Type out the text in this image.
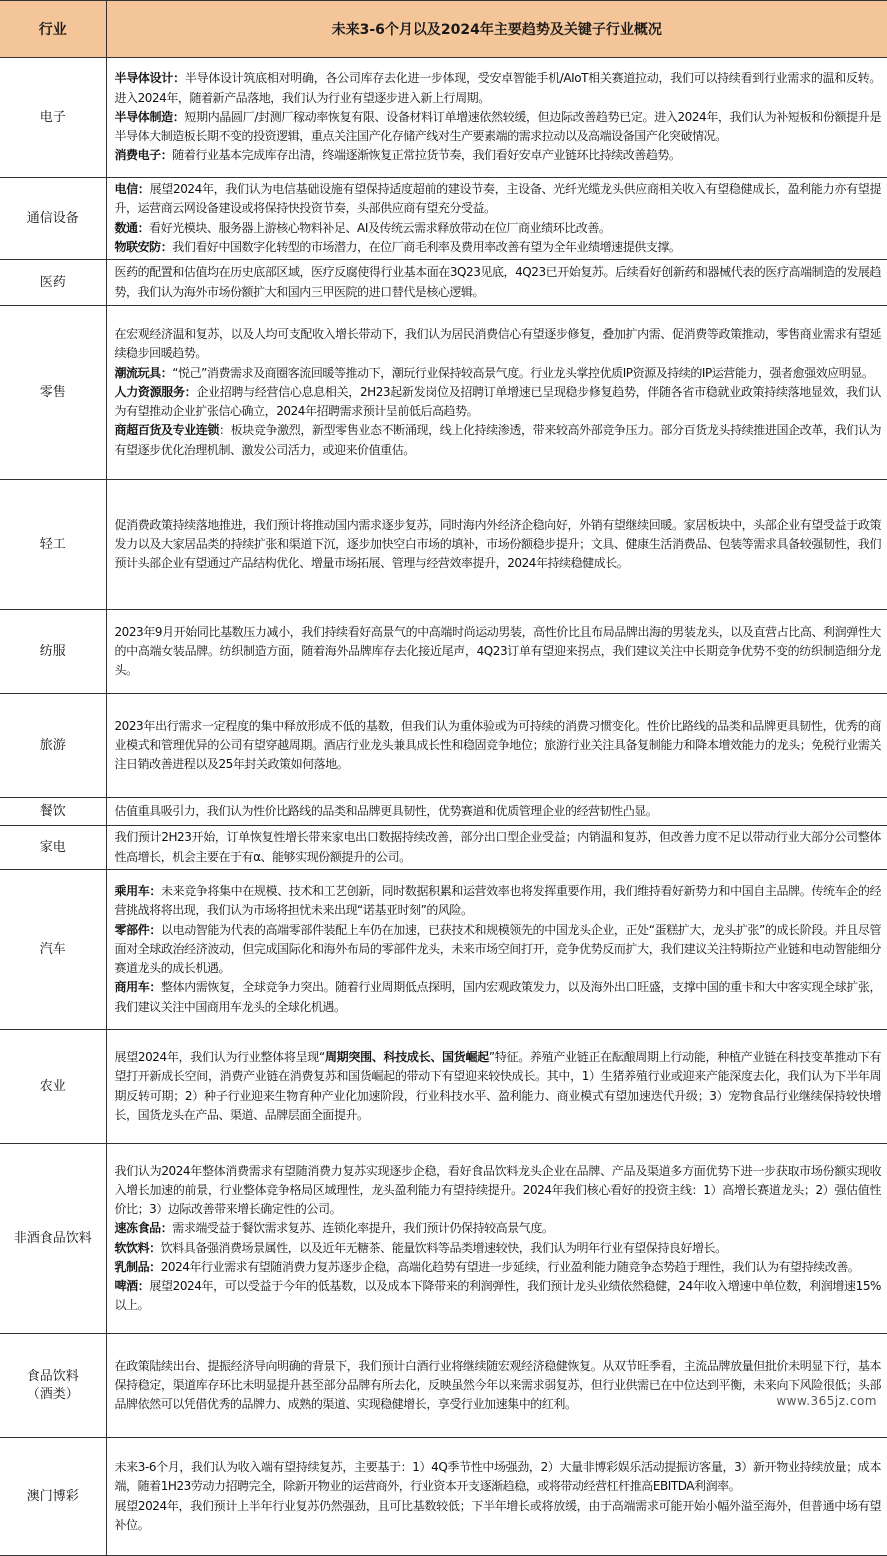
行业	未来3-6个月以及2024年主要趋势及关键子行业概况

电子	半导体设计：半导体设计筑底相对明确，各公司库存去化进一步体现，受安卓智能手机/AIoT相关赛道拉动，我们可以持续看到行业需求的温和反转。进入2024年，随着新产品落地，我们认为行业有望逐步进入新上行周期。
半导体制造：短期内晶圆厂/封测厂稼动率恢复有限、设备材料订单增速依然较缓，但边际改善趋势已定。进入2024年，我们认为补短板和份额提升是半导体大制造板长期不变的投资逻辑，重点关注国产化存储产线对生产要素端的需求拉动以及高端设备国产化突破情况。
消费电子：随着行业基本完成库存出清，终端逐渐恢复正常拉货节奏，我们看好安卓产业链环比持续改善趋势。

通信设备	电信：展望2024年，我们认为电信基础设施有望保持适度超前的建设节奏，主设备、光纤光缆龙头供应商相关收入有望稳健成长，盈利能力亦有望提升，运营商云网设备建设或将保持快投资节奏，头部供应商有望充分受益。
数通：看好光模块、服务器上游核心物料补足、AI及传统云需求释放带动在位厂商业绩环比改善。
物联安防：我们看好中国数字化转型的市场潜力，在位厂商毛利率及费用率改善有望为全年业绩增速提供支撑。

医药	医药的配置和估值均在历史底部区域，医疗反腐使得行业基本面在3Q23见底，4Q23已开始复苏。后续看好创新药和器械代表的医疗高端制造的发展趋势，我们认为海外市场份额扩大和国内三甲医院的进口替代是核心逻辑。

零售	在宏观经济温和复苏，以及人均可支配收入增长带动下，我们认为居民消费信心有望逐步修复，叠加扩内需、促消费等政策推动，零售商业需求有望延续稳步回暖趋势。
潮流玩具：“悦己”消费需求及商圈客流回暖等推动下，潮玩行业保持较高景气度。行业龙头掌控优质IP资源及持续的IP运营能力，强者愈强效应明显。
人力资源服务：企业招聘与经营信心息息相关，2H23起新发岗位及招聘订单增速已呈现稳步修复趋势，伴随各省市稳就业政策持续落地显效，我们认为有望推动企业扩张信心确立，2024年招聘需求预计呈前低后高趋势。
商超百货及专业连锁：板块竞争激烈，新型零售业态不断涌现，线上化持续渗透，带来较高外部竞争压力。部分百货龙头持续推进国企改革，我们认为有望逐步优化治理机制、激发公司活力，或迎来价值重估。

轻工	促消费政策持续落地推进，我们预计将推动国内需求逐步复苏，同时海内外经济企稳向好，外销有望继续回暖。家居板块中，头部企业有望受益于政策发力以及大家居品类的持续扩张和渠道下沉，逐步加快空白市场的填补，市场份额稳步提升；文具、健康生活消费品、包装等需求具备较强韧性，我们预计头部企业有望通过产品结构优化、增量市场拓展、管理与经营效率提升，2024年持续稳健成长。

纺服	2023年9月开始同比基数压力减小，我们持续看好高景气的中高端时尚运动男装，高性价比且布局品牌出海的男装龙头，以及直营占比高、利润弹性大的中高端女装品牌。纺织制造方面，随着海外品牌库存去化接近尾声，4Q23订单有望迎来拐点，我们建议关注中长期竞争优势不变的纺织制造细分龙头。

旅游	2023年出行需求一定程度的集中释放形成不低的基数，但我们认为重体验或为可持续的消费习惯变化。性价比路线的品类和品牌更具韧性，优秀的商业模式和管理优异的公司有望穿越周期。酒店行业龙头兼具成长性和稳固竞争地位；旅游行业关注具备复制能力和降本增效能力的龙头；免税行业需关注日销改善进程以及25年封关政策如何落地。

餐饮	估值重具吸引力，我们认为性价比路线的品类和品牌更具韧性，优势赛道和优质管理企业的经营韧性凸显。

家电	我们预计2H23开始，订单恢复性增长带来家电出口数据持续改善，部分出口型企业受益；内销温和复苏，但改善力度不足以带动行业大部分公司整体性高增长，机会主要在于有α、能够实现份额提升的公司。

汽车	乘用车：未来竞争将集中在规模、技术和工艺创新，同时数据积累和运营效率也将发挥重要作用，我们维持看好新势力和中国自主品牌。传统车企的经营挑战将将出现，我们认为市场将担忧未来出现“诺基亚时刻”的风险。
零部件：以电动智能为代表的高端零部件装配上车仍在加速，已获技术和规模领先的中国龙头企业，正处“蛋糕扩大，龙头扩张”的成长阶段。并且尽管面对全球政治经济波动，但完成国际化和海外布局的零部件龙头，未来市场空间打开，竞争优势反而扩大，我们建议关注特斯拉产业链和电动智能细分赛道龙头的成长机遇。
商用车：整体内需恢复，全球竞争力突出。随着行业周期低点探明，国内宏观政策发力，以及海外出口旺盛，支撑中国的重卡和大中客实现全球扩张，我们建议关注中国商用车龙头的全球化机遇。

农业	展望2024年，我们认为行业整体将呈现“周期突围、科技成长、国货崛起”特征。养殖产业链正在酝酿周期上行动能，种植产业链在科技变革推动下有望打开新成长空间，消费产业链在消费复苏和国货崛起的带动下有望迎来较快成长。其中，1）生猪养殖行业或迎来产能深度去化，我们认为下半年周期反转可期；2）种子行业迎来生物育种产业化加速阶段，行业科技水平、盈利能力、商业模式有望加速迭代升级；3）宠物食品行业继续保持较快增长，国货龙头在产品、渠道、品牌层面全面提升。

非酒食品饮料	我们认为2024年整体消费需求有望随消费力复苏实现逐步企稳，看好食品饮料龙头企业在品牌、产品及渠道多方面优势下进一步获取市场份额实现收入增长加速的前景，行业整体竞争格局区域理性，龙头盈利能力有望持续提升。2024年我们核心看好的投资主线：1）高增长赛道龙头；2）强估值性价比；3）边际改善带来增长确定性的公司。
速冻食品：需求端受益于餐饮需求复苏、连锁化率提升，我们预计仍保持较高景气度。
软饮料：饮料具备强消费场景属性，以及近年无糖茶、能量饮料等品类增速较快，我们认为明年行业有望保持良好增长。
乳制品：2024年行业需求有望随消费力复苏逐步企稳，高端化趋势有望进一步延续，行业盈利能力随竞争态势趋于理性，我们认为有望持续改善。
啤酒：展望2024年，可以受益于今年的低基数，以及成本下降带来的利润弹性，我们预计龙头业绩依然稳健，24年收入增速中单位数，利润增速15%以上。

食品饮料
（酒类）	在政策陆续出台、提振经济导向明确的背景下，我们预计白酒行业将继续随宏观经济稳健恢复。从双节旺季看，主流品牌放量但批价未明显下行，基本保持稳定，渠道库存环比未明显提升甚至部分品牌有所去化，反映虽然今年以来需求弱复苏，但行业供需已在中位达到平衡，未来向下风险很低；头部品牌依然可以凭借优秀的品牌力、成熟的渠道、实现稳健增长，享受行业加速集中的红利。

澳门博彩	未来3-6个月，我们认为收入端有望持续复苏，主要基于：1）4Q季节性中场强劲，2）大量非博彩娱乐活动提振访客量，3）新开物业持续放量；成本端，随着1H23劳动力招聘完全，除新开物业的运营商外，行业资本开支逐渐趋稳，或将带动经营杠杆推高EBITDA利润率。
展望2024年，我们预计上半年行业复苏仍然强劲，且可比基数较低；下半年增长或将放缓，由于高端需求可能开始小幅外溢至海外，但普通中场有望补位。
www.365jz.com
